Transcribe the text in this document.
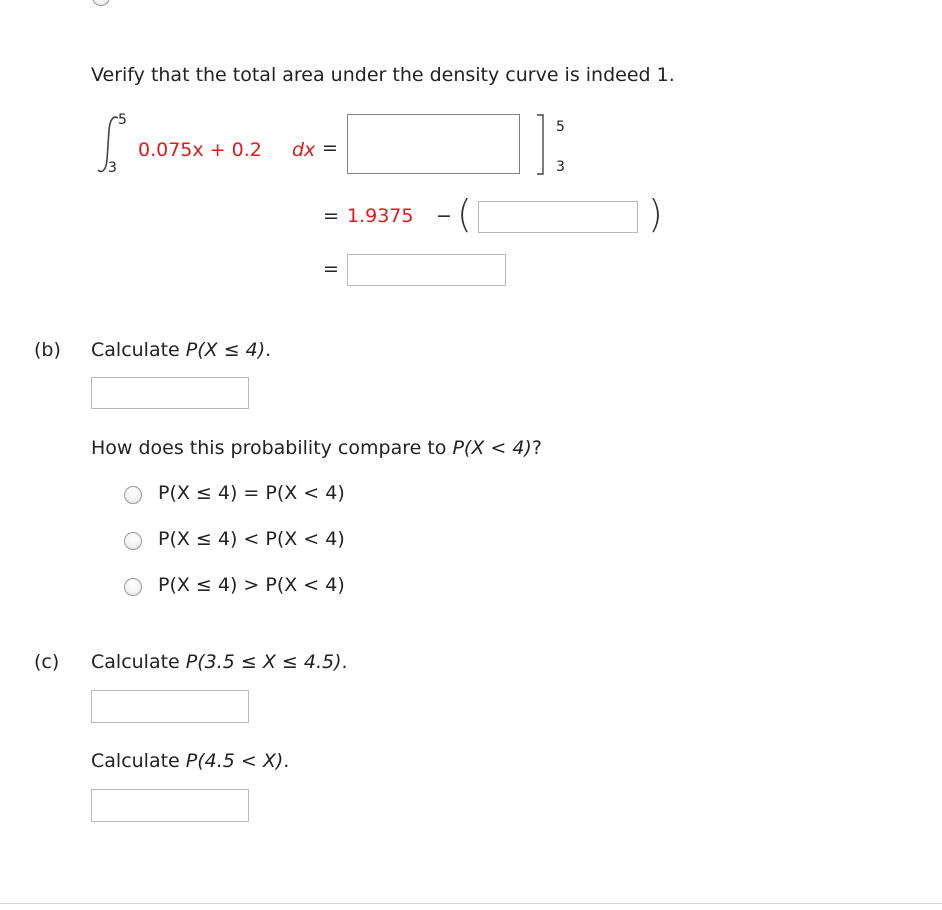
Verify that the total area under the density curve is indeed 1.
5
3
0.075x + 0.2 dx =
5
3
= 1.9375 − (	)
=
(b) Calculate P(X ≤ 4).
How does this probability compare to P(X < 4)?
P(X ≤ 4) = P(X < 4)
P(X ≤ 4) < P(X < 4)
P(X ≤ 4) > P(X < 4)
(c) Calculate P(3.5 ≤ X ≤ 4.5).
Calculate P(4.5 < X).
